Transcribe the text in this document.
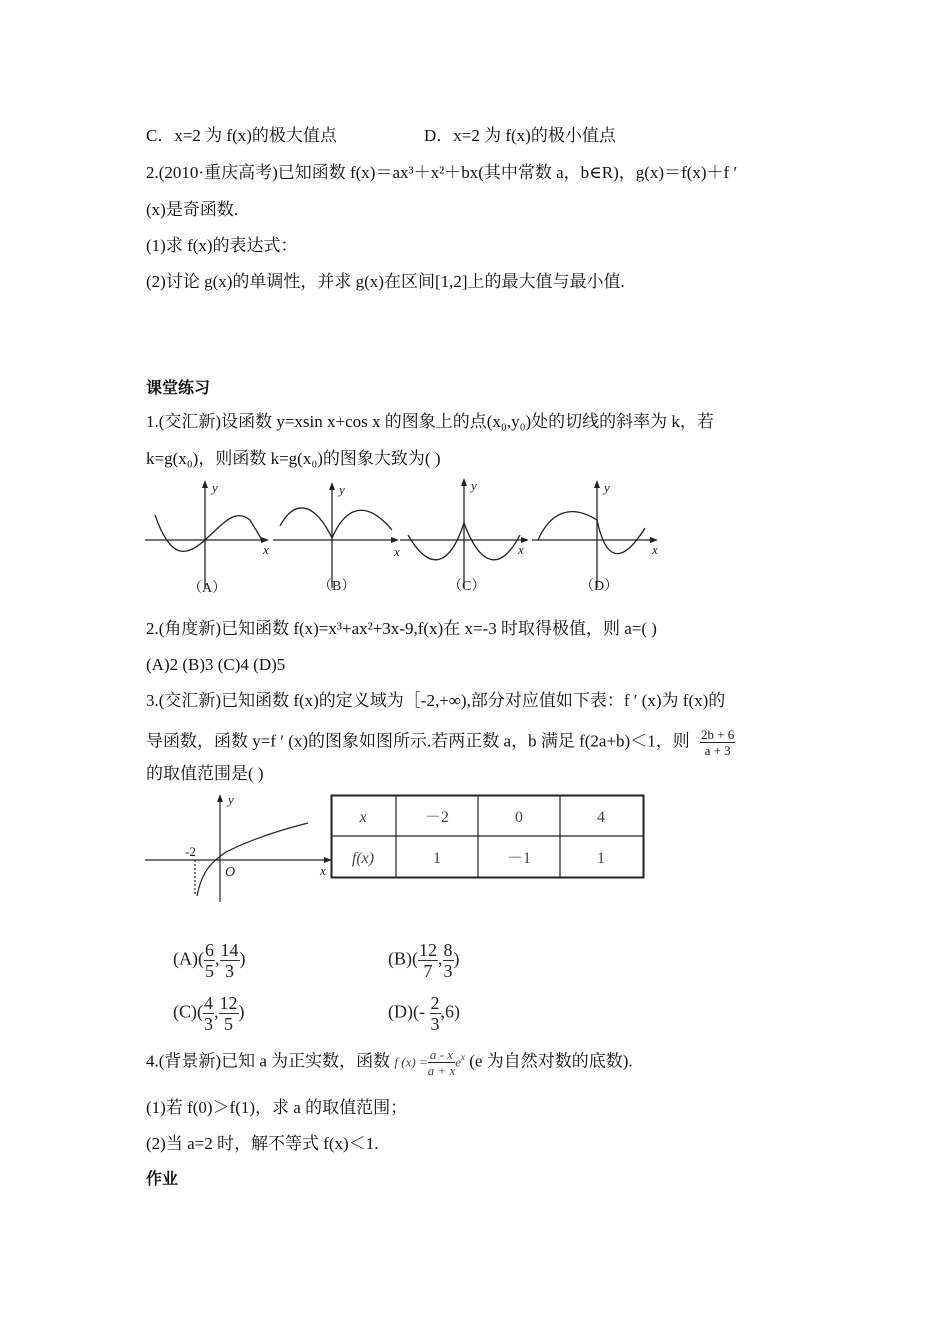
C．x=2 为 f(x)的极大值点	D．x=2 为 f(x)的极小值点
2.(2010·重庆高考)已知函数 f(x)＝ax³＋x²＋bx(其中常数 a，b∈R)，g(x)＝f(x)＋f ′
(x)是奇函数.
(1)求 f(x)的表达式：
(2)讨论 g(x)的单调性，并求 g(x)在区间[1,2]上的最大值与最小值.
课堂练习
1.(交汇新)设函数 y=xsin x+cos x 的图象上的点(x₀,y₀)处的切线的斜率为 k，若
k=g(x₀)，则函数 k=g(x₀)的图象大致为( )
y
x
y
x
y
x
y
x
（A）	（B）	（C）	（D）
2.(角度新)已知函数 f(x)=x³+ax²+3x-9,f(x)在 x=-3 时取得极值，则 a=( )
(A)2 (B)3 (C)4 (D)5
3.(交汇新)已知函数 f(x)的定义域为［-2,+∞),部分对应值如下表：f ′ (x)为 f(x)的
导函数，函数 y=f ′ (x)的图象如图所示.若两正数 a，b 满足 f(2a+b)＜1，则 $\frac{2b + 6}{a + 3}$
的取值范围是( )
-2
O
y
x
x	－2	0	4
f(x)	1	－1	1
$(A)( \frac{6}{5}$ , $\frac{14}{3}$ )	$(B)( \frac{12}{7}$ , $\frac{8}{3}$ )
$(C)( \frac{4}{3}$ , $\frac{12}{5}$ )	$(D)(- \frac{2}{3} ,6)$
4.(背景新)已知 a 为正实数，函数 f $(x) = \frac{a - x}{a + x} e^x$ (e 为自然对数的底数).
(1)若 f(0)＞f(1)，求 a 的取值范围；
(2)当 a=2 时，解不等式 f(x)＜1.
作业
